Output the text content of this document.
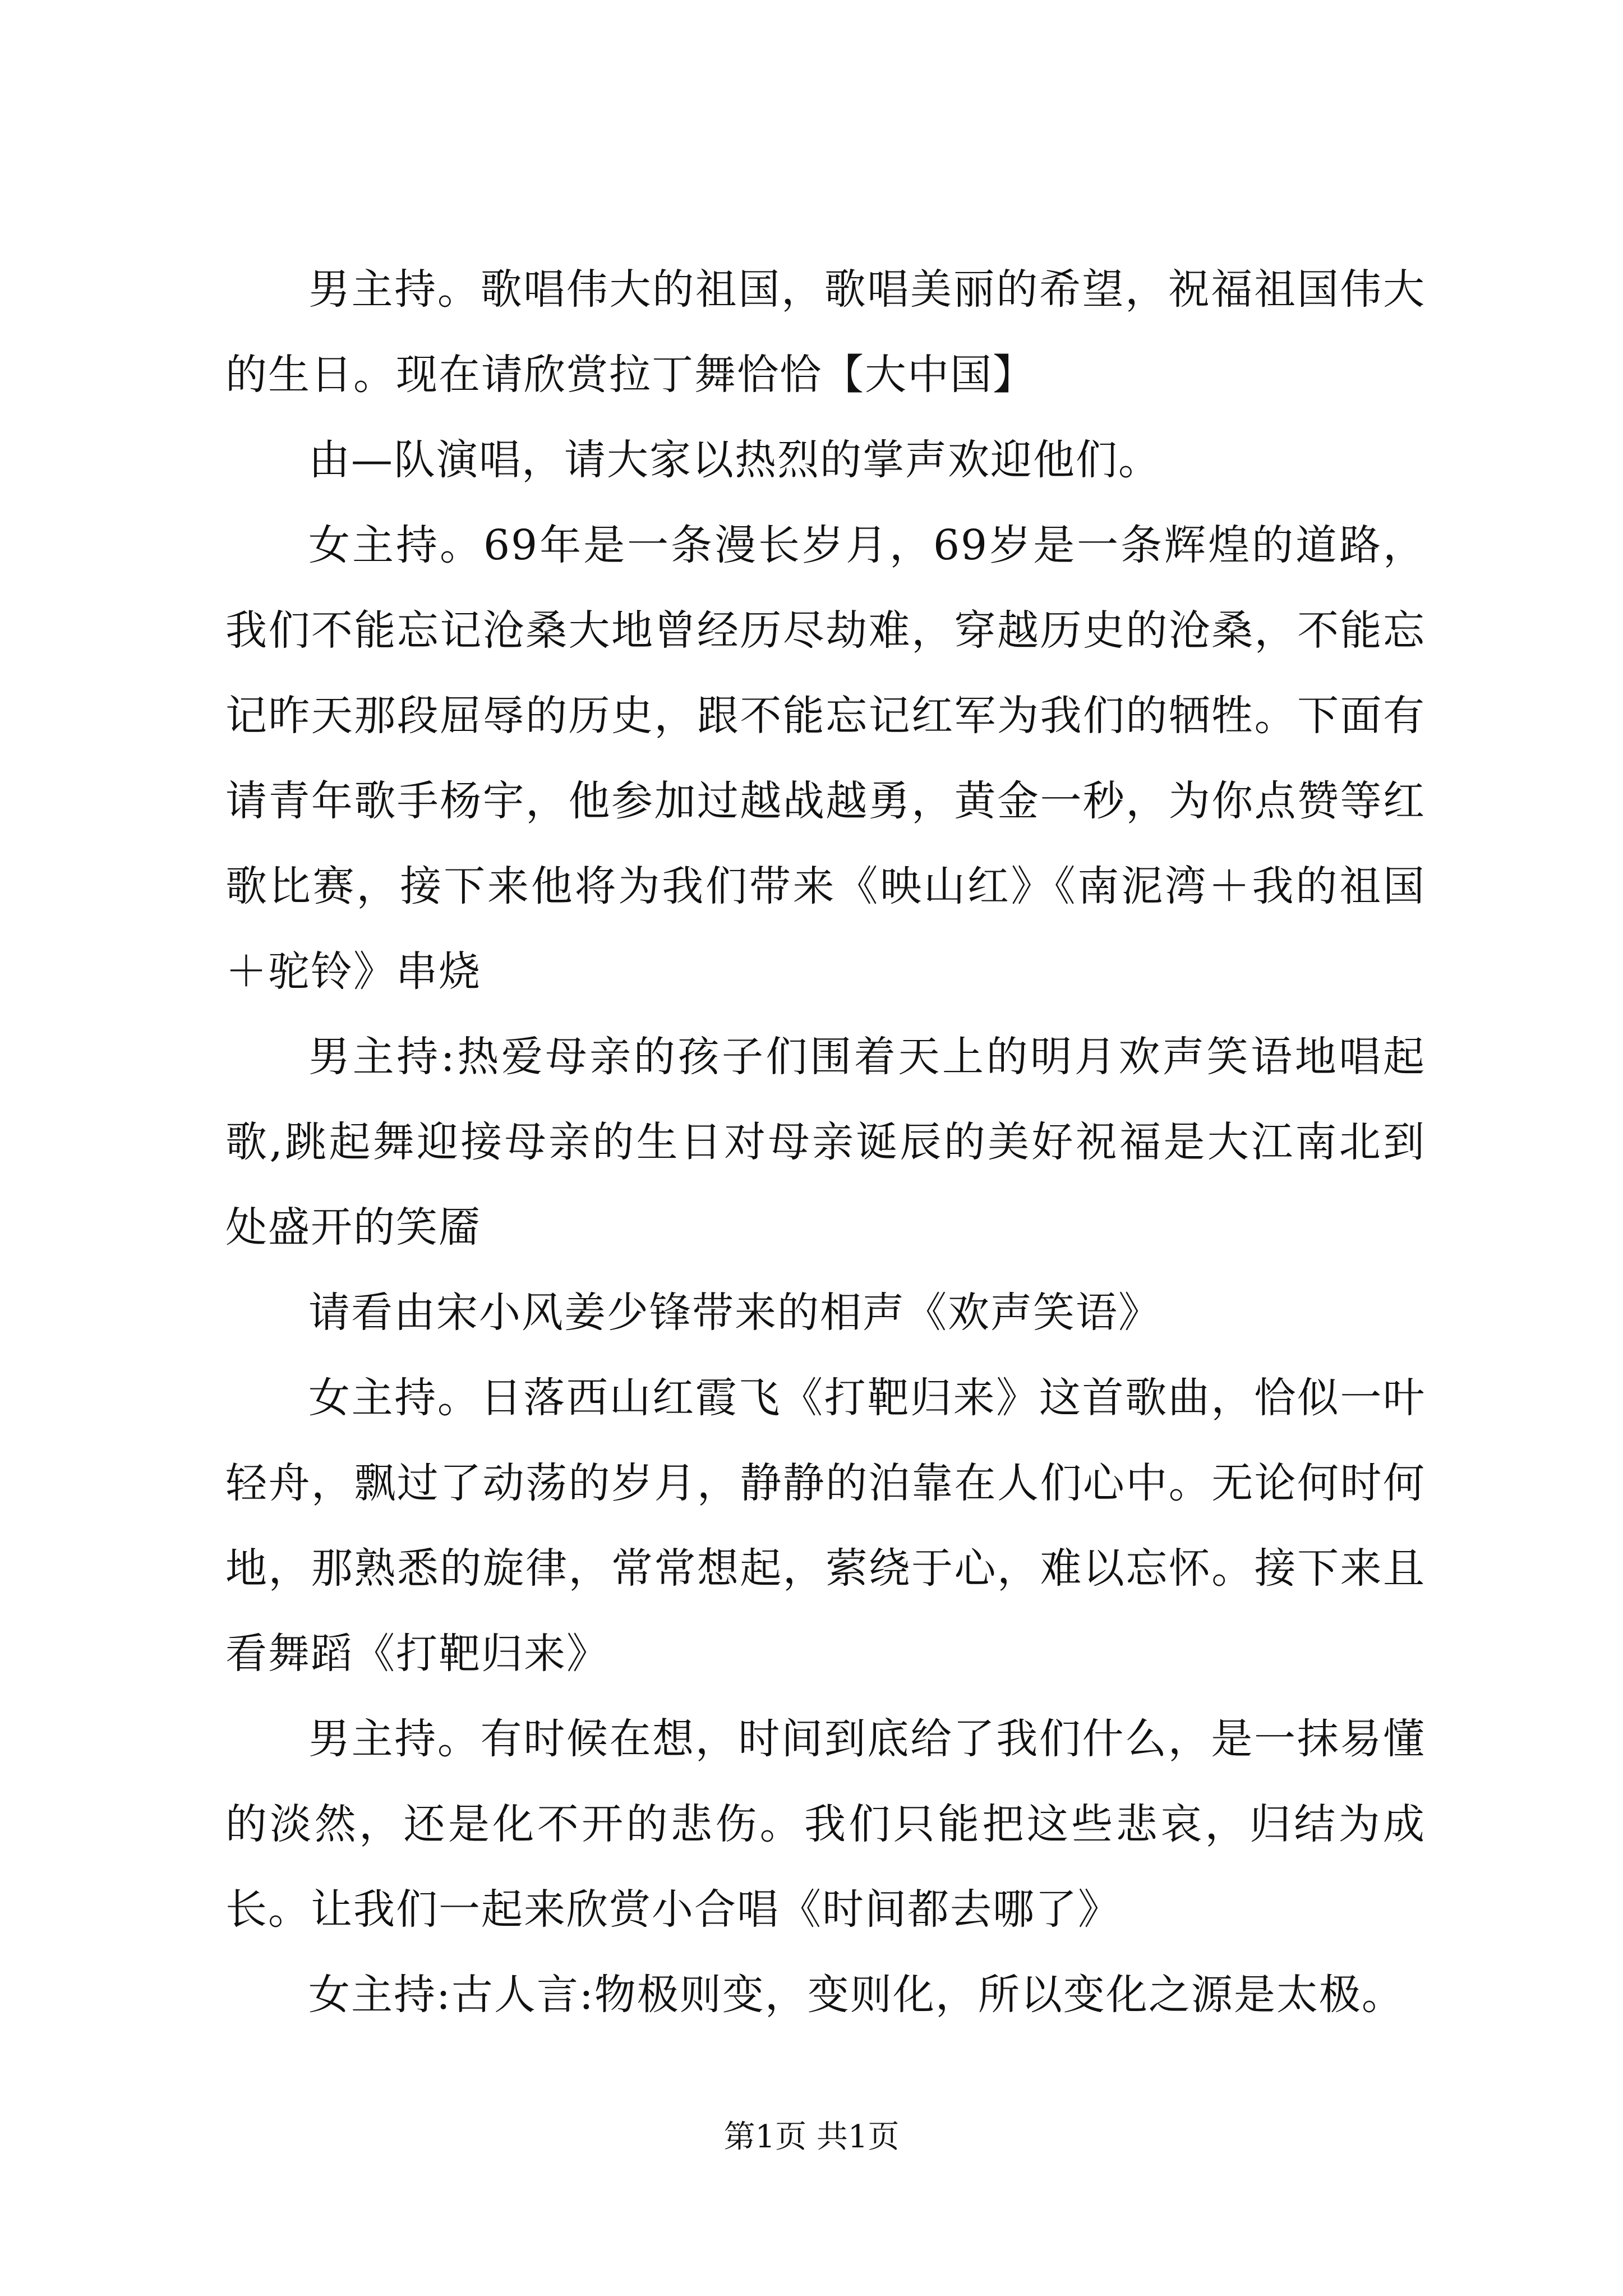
男主持。歌唱伟大的祖国，歌唱美丽的希望，祝福祖国伟大的生日。现在请欣赏拉丁舞恰恰【大中国】

由—队演唱，请大家以热烈的掌声欢迎他们。

女主持。69年是一条漫长岁月，69岁是一条辉煌的道路，我们不能忘记沧桑大地曾经历尽劫难，穿越历史的沧桑，不能忘记昨天那段屈辱的历史，跟不能忘记红军为我们的牺牲。下面有请青年歌手杨宇，他参加过越战越勇，黄金一秒，为你点赞等红歌比赛，接下来他将为我们带来《映山红》《南泥湾＋我的祖国＋驼铃》串烧

男主持:热爱母亲的孩子们围着天上的明月欢声笑语地唱起歌,跳起舞迎接母亲的生日对母亲诞辰的美好祝福是大江南北到处盛开的笑靥

请看由宋小风姜少锋带来的相声《欢声笑语》

女主持。日落西山红霞飞《打靶归来》这首歌曲，恰似一叶轻舟，飘过了动荡的岁月，静静的泊靠在人们心中。无论何时何地，那熟悉的旋律，常常想起，萦绕于心，难以忘怀。接下来且看舞蹈《打靶归来》

男主持。有时候在想，时间到底给了我们什么，是一抹易懂的淡然，还是化不开的悲伤。我们只能把这些悲哀，归结为成长。让我们一起来欣赏小合唱《时间都去哪了》

女主持:古人言:物极则变，变则化，所以变化之源是太极。

第1页 共1页
